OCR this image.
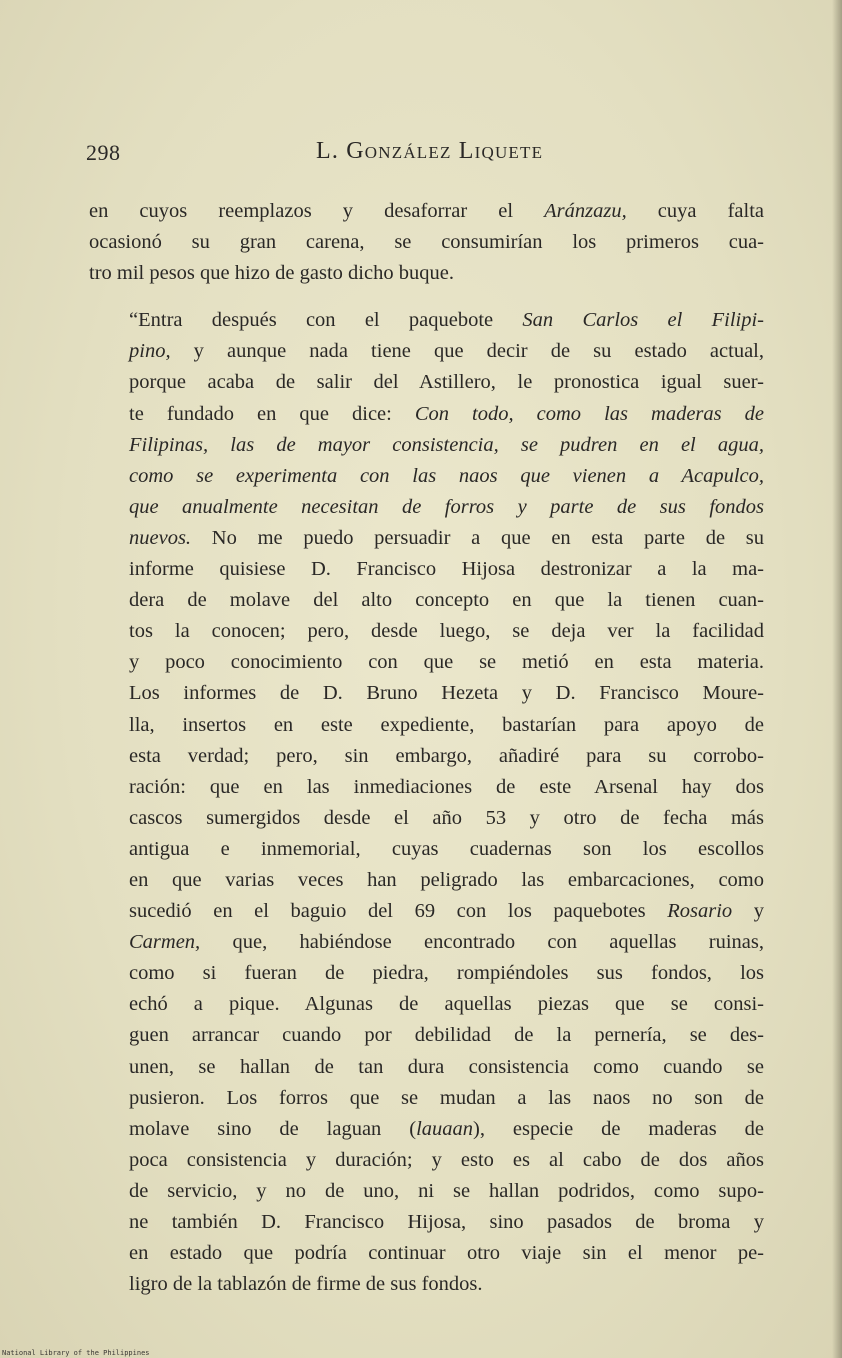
298	L. González Liquete

en cuyos reemplazos y desaforrar el Aránzazu, cuya falta
ocasionó su gran carena, se consumirían los primeros cua-
tro mil pesos que hizo de gasto dicho buque.

“Entra después con el paquebote San Carlos el Filipi-
pino, y aunque nada tiene que decir de su estado actual,
porque acaba de salir del Astillero, le pronostica igual suer-
te fundado en que dice: Con todo, como las maderas de
Filipinas, las de mayor consistencia, se pudren en el agua,
como se experimenta con las naos que vienen a Acapulco,
que anualmente necesitan de forros y parte de sus fondos
nuevos. No me puedo persuadir a que en esta parte de su
informe quisiese D. Francisco Hijosa destronizar a la ma-
dera de molave del alto concepto en que la tienen cuan-
tos la conocen; pero, desde luego, se deja ver la facilidad
y poco conocimiento con que se metió en esta materia.
Los informes de D. Bruno Hezeta y D. Francisco Moure-
lla, insertos en este expediente, bastarían para apoyo de
esta verdad; pero, sin embargo, añadiré para su corrobo-
ración: que en las inmediaciones de este Arsenal hay dos
cascos sumergidos desde el año 53 y otro de fecha más
antigua e inmemorial, cuyas cuadernas son los escollos
en que varias veces han peligrado las embarcaciones, como
sucedió en el baguio del 69 con los paquebotes Rosario y
Carmen, que, habiéndose encontrado con aquellas ruinas,
como si fueran de piedra, rompiéndoles sus fondos, los
echó a pique. Algunas de aquellas piezas que se consi-
guen arrancar cuando por debilidad de la pernería, se des-
unen, se hallan de tan dura consistencia como cuando se
pusieron. Los forros que se mudan a las naos no son de
molave sino de laguan (lauaan), especie de maderas de
poca consistencia y duración; y esto es al cabo de dos años
de servicio, y no de uno, ni se hallan podridos, como supo-
ne también D. Francisco Hijosa, sino pasados de broma y
en estado que podría continuar otro viaje sin el menor pe-
ligro de la tablazón de firme de sus fondos.

National Library of the Philippines
